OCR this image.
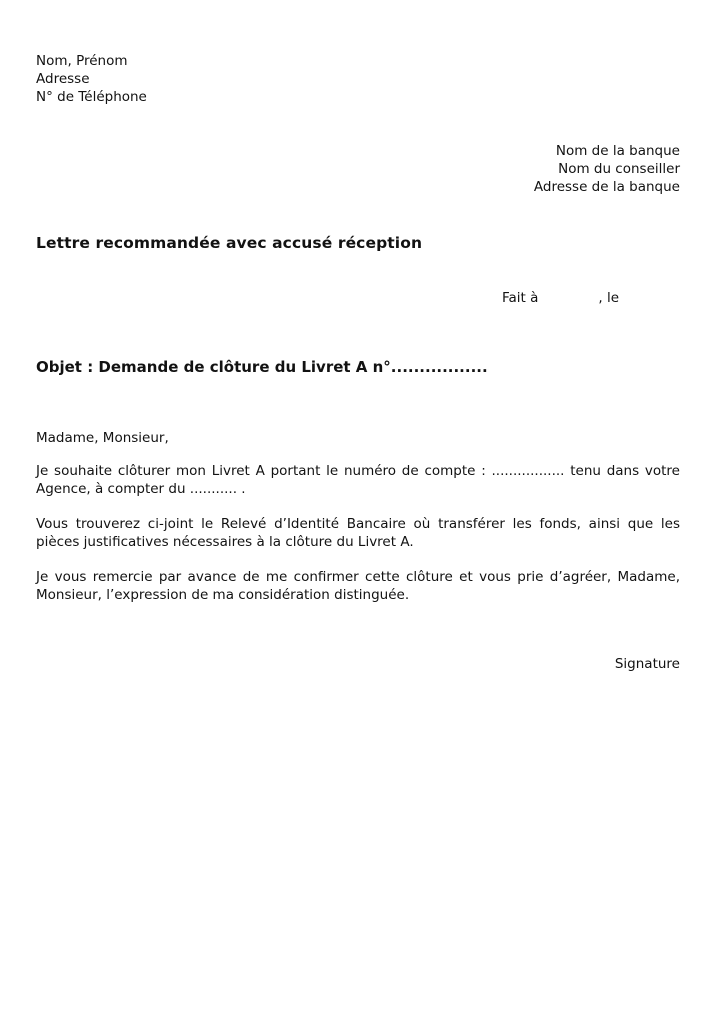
Nom, Prénom
Adresse
N° de Téléphone
Nom de la banque
Nom du conseiller
Adresse de la banque
Lettre recommandée avec accusé réception
Fait à	, le
Objet : Demande de clôture du Livret A n°.................
Madame, Monsieur,

Je souhaite clôturer mon Livret A portant le numéro de compte : ................. tenu dans votre Agence, à compter du ........... .

Vous trouverez ci-joint le Relevé d’Identité Bancaire où transférer les fonds, ainsi que les pièces justificatives nécessaires à la clôture du Livret A.

Je vous remercie par avance de me confirmer cette clôture et vous prie d’agréer, Madame, Monsieur, l’expression de ma considération distinguée.

Signature
